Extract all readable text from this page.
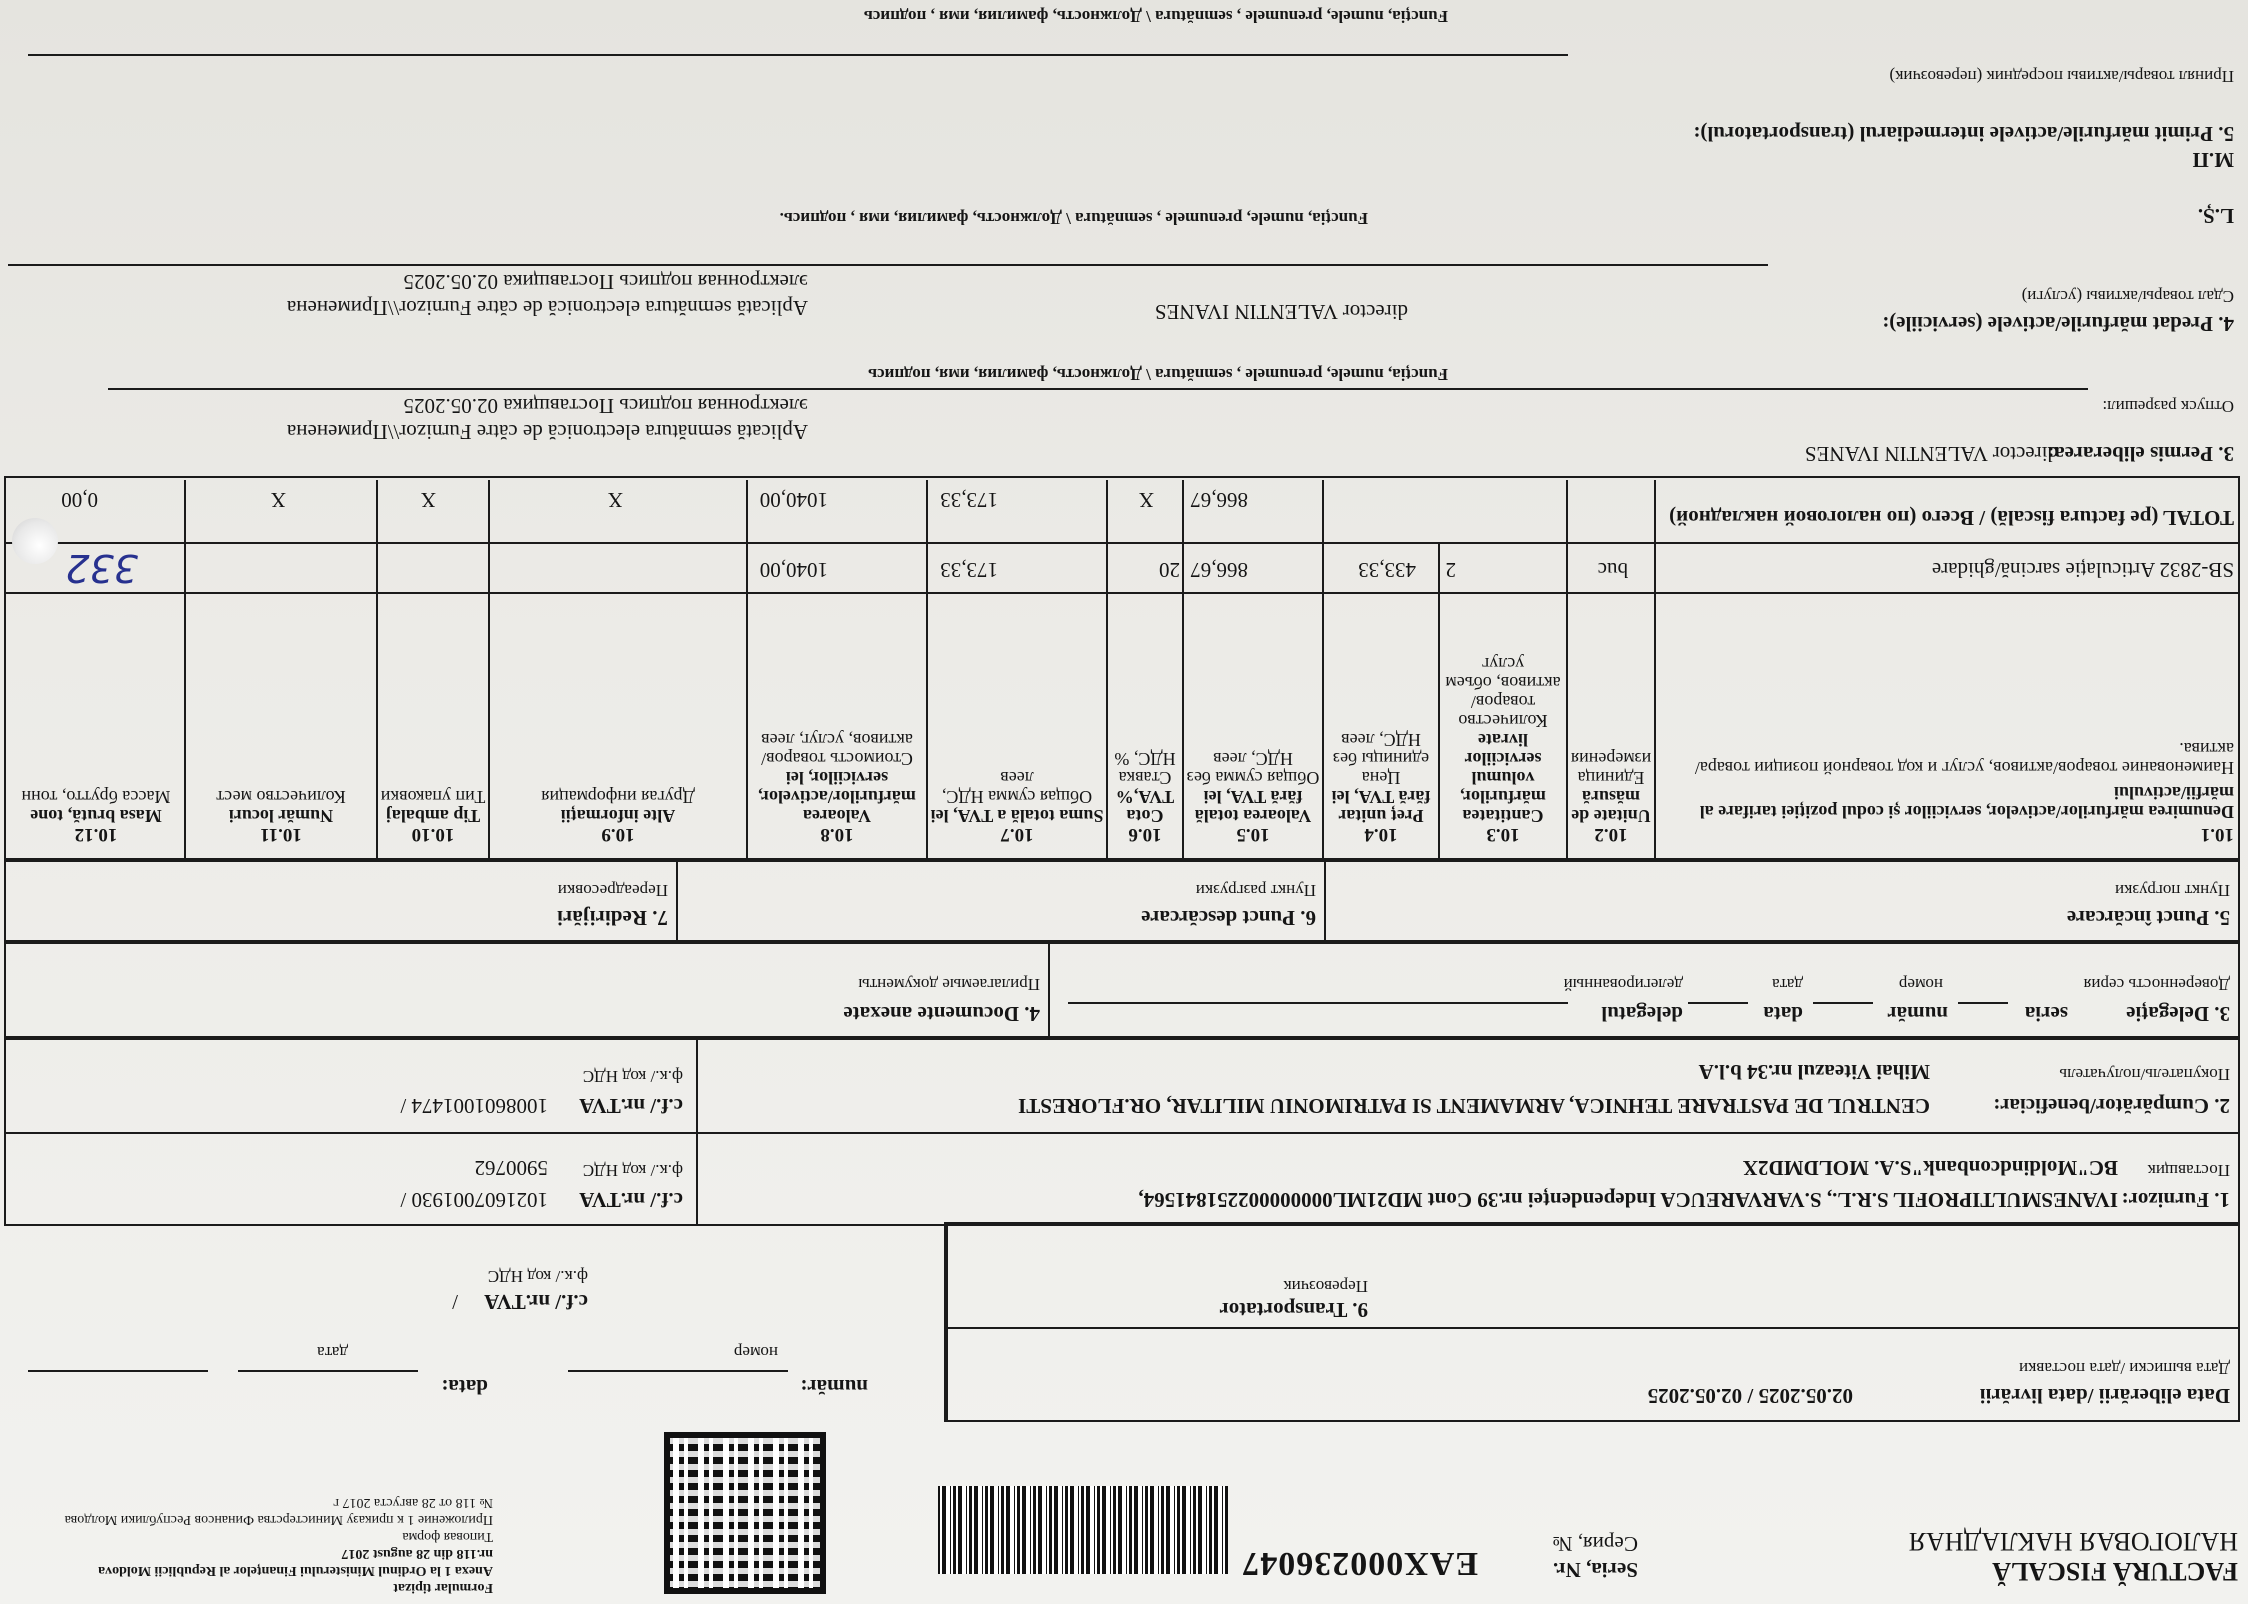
Formular tipizat
Anexa 1 la Ordinul Ministerului Finanțelor al Republicii Moldova
nr.118 din 28 august 2017
Типовая форма
Приложение 1 к приказу Министерства Финансов Республики Молдова
№ 118 от 28 августа 2017 г
FACTURĂ FISCALĂ
НАЛОГОВАЯ НАКЛАДНАЯ
Seria, Nr.
Серия, №
EAX000236047
Data eliberării /data livrării
02.05.2025 / 02.05.2025
Дата выписки /дата поставки
număr:
номер
data:
дата
9. Transportator
Перевозчик
c.f./ nr.TVA
/
ф.к./ код НДС
1. Furnizor:
IVANESMULTIPROFIL S.R.L., S.VARVAREUCA Independenței nr.39 Cont MD21ML000000002251841564,
Поставщик
BC"Moldindconbank"S.A. MOLDMD2X
c.f./ nr.TVA
1021607001930 /
ф.к./ код НДС
5900762
2. Cumpărător/beneficiar:
CENTRUL DE PASTRARE TEHNICA, ARMAMENT SI PATRIMONIU MILITAR, OR.FLORESTI
Покупатель/получатель
Mihai Viteazul nr.34 b.l.A
c.f./ nr.TVA
1008601001474 /
ф.к./ код НДС
3. Delegație
Доверенность серия
seria
număr
номер
data
дата
delegatul
делегированный
4. Documente anexate
Прилагаемые документы
5. Punct încărcare
Пункт погрузки
6. Punct descărcare
Пункт разгрузки
7. Redirijări
Переадресовки
10.1
Denumirea mărfurilor/activelor, serviciilor și codul poziției tarifare al mărfii/activului
Наименование товаров/активов, услуг и код товарной позиции товара/актива.
10.2
Unitate de măsură
Единица измерения
10.3
Cantitatea mărfurilor, volumul serviciilor livrate
Количество товаров/активов, объем услуг
10.4
Preț unitar fără TVA, lei
Цена единицы без НДС, леев
10.5
Valoarea totală fără TVA, lei
Общая сумма без НДС, леев
10.6
Cota TVA,%
Ставка НДС, %
10.7
Suma totală a TVA, lei
Общая сумма НДС, леев
10.8
Valoarea mărfurilor/activelor, serviciilor, lei
Стоимость товаров/активов, услуг, леев
10.9
Alte informații
Другая информация
10.10
Tip ambalaj
Тип упаковки
10.11
Număr locuri
Количество мест
10.12
Masa brută, tone
Масса брутто, тонн
SB-2832 Articulație sarcină/ghidare
buc
2
433,33
866,67
20
173,33
1040,00
332
TOTAL (pe factura fiscală) / Всего (по налоговой накладной)
866,67
X
173,33
1040,00
X
X
X
0,00
3. Permis eliberarea:
director VALENTIN IVANES
Отпуск разрешил:
Aplicată semnătura electronică de către Furnizor\\Применена
электронная подпись Поставщика 02.05.2025
Funcția, numele, prenumele , semnătura \ Должность, фамилия, имя, подпись
4. Predat mărfurile/activele (serviciile):
director VALENTIN IVANES
Сдал товары/активы (услуги)
Aplicată semnătura electronică de către Furnizor\\Применена
электронная подпись Поставщика 02.05.2025
Funcția, numele, prenumele , semnătura \ Должность, фамилия, имя , подпись.	L.Ș.
М.П
5. Primit mărfurile/activele intermediarul (transportatorul):
Принял товары/активы посредник (перевозчик)
Funcția, numele, prenumele , semnătura \ Должность, фамилия, имя , подпись
